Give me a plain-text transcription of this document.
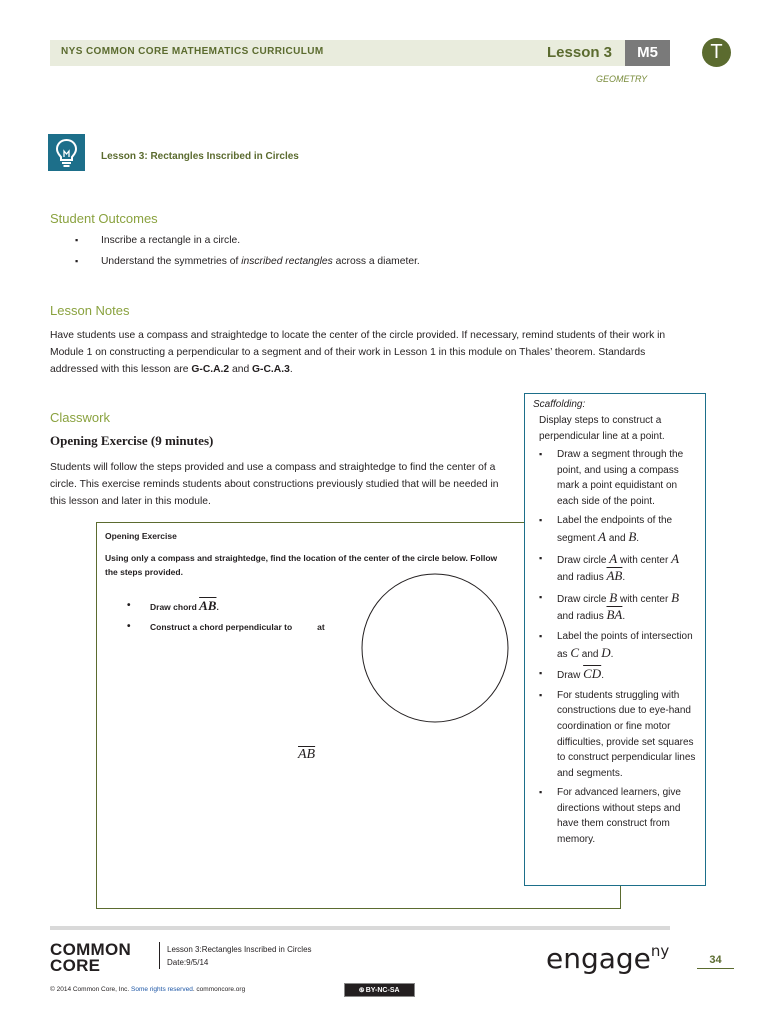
NYS COMMON CORE MATHEMATICS CURRICULUM	Lesson 3	M5	T
GEOMETRY
Lesson 3: Rectangles Inscribed in Circles
Student Outcomes
▪ Inscribe a rectangle in a circle.
▪ Understand the symmetries of inscribed rectangles across a diameter.
Lesson Notes
Have students use a compass and straightedge to locate the center of the circle provided. If necessary, remind students of their work in Module 1 on constructing a perpendicular to a segment and of their work in Lesson 1 in this module on Thales’ theorem. Standards addressed with this lesson are G-C.A.2 and G-C.A.3.
Classwork
Opening Exercise (9 minutes)
Students will follow the steps provided and use a compass and straightedge to find the center of a circle. This exercise reminds students about constructions previously studied that will be needed in this lesson and later in this module.
Opening Exercise
Using only a compass and straightedge, find the location of the center of the circle below. Follow the steps provided.
• Draw chord $\overline{AB}$.
• Construct a chord perpendicular to	at
$\overline{AB}$
Scaffolding:
Display steps to construct a perpendicular line at a point.
▪ Draw a segment through the point, and using a compass mark a point equidistant on each side of the point.
▪ Label the endpoints of the segment A and B.
▪ Draw circle A with center A and radius $\overline{AB}$.
▪ Draw circle B with center B and radius $\overline{BA}$.
▪ Label the points of intersection as C and D.
▪ Draw $\overline{CD}$.
▪ For students struggling with constructions due to eye-hand coordination or fine motor difficulties, provide set squares to construct perpendicular lines and segments.
▪ For advanced learners, give directions without steps and have them construct from memory.
COMMON
CORE
Lesson 3:Rectangles Inscribed in Circles
Date:9/5/14	engage$^{ny}$	34
© 2014 Common Core, Inc. Some rights reserved. commoncore.org	🄏 BY-NC-SA
